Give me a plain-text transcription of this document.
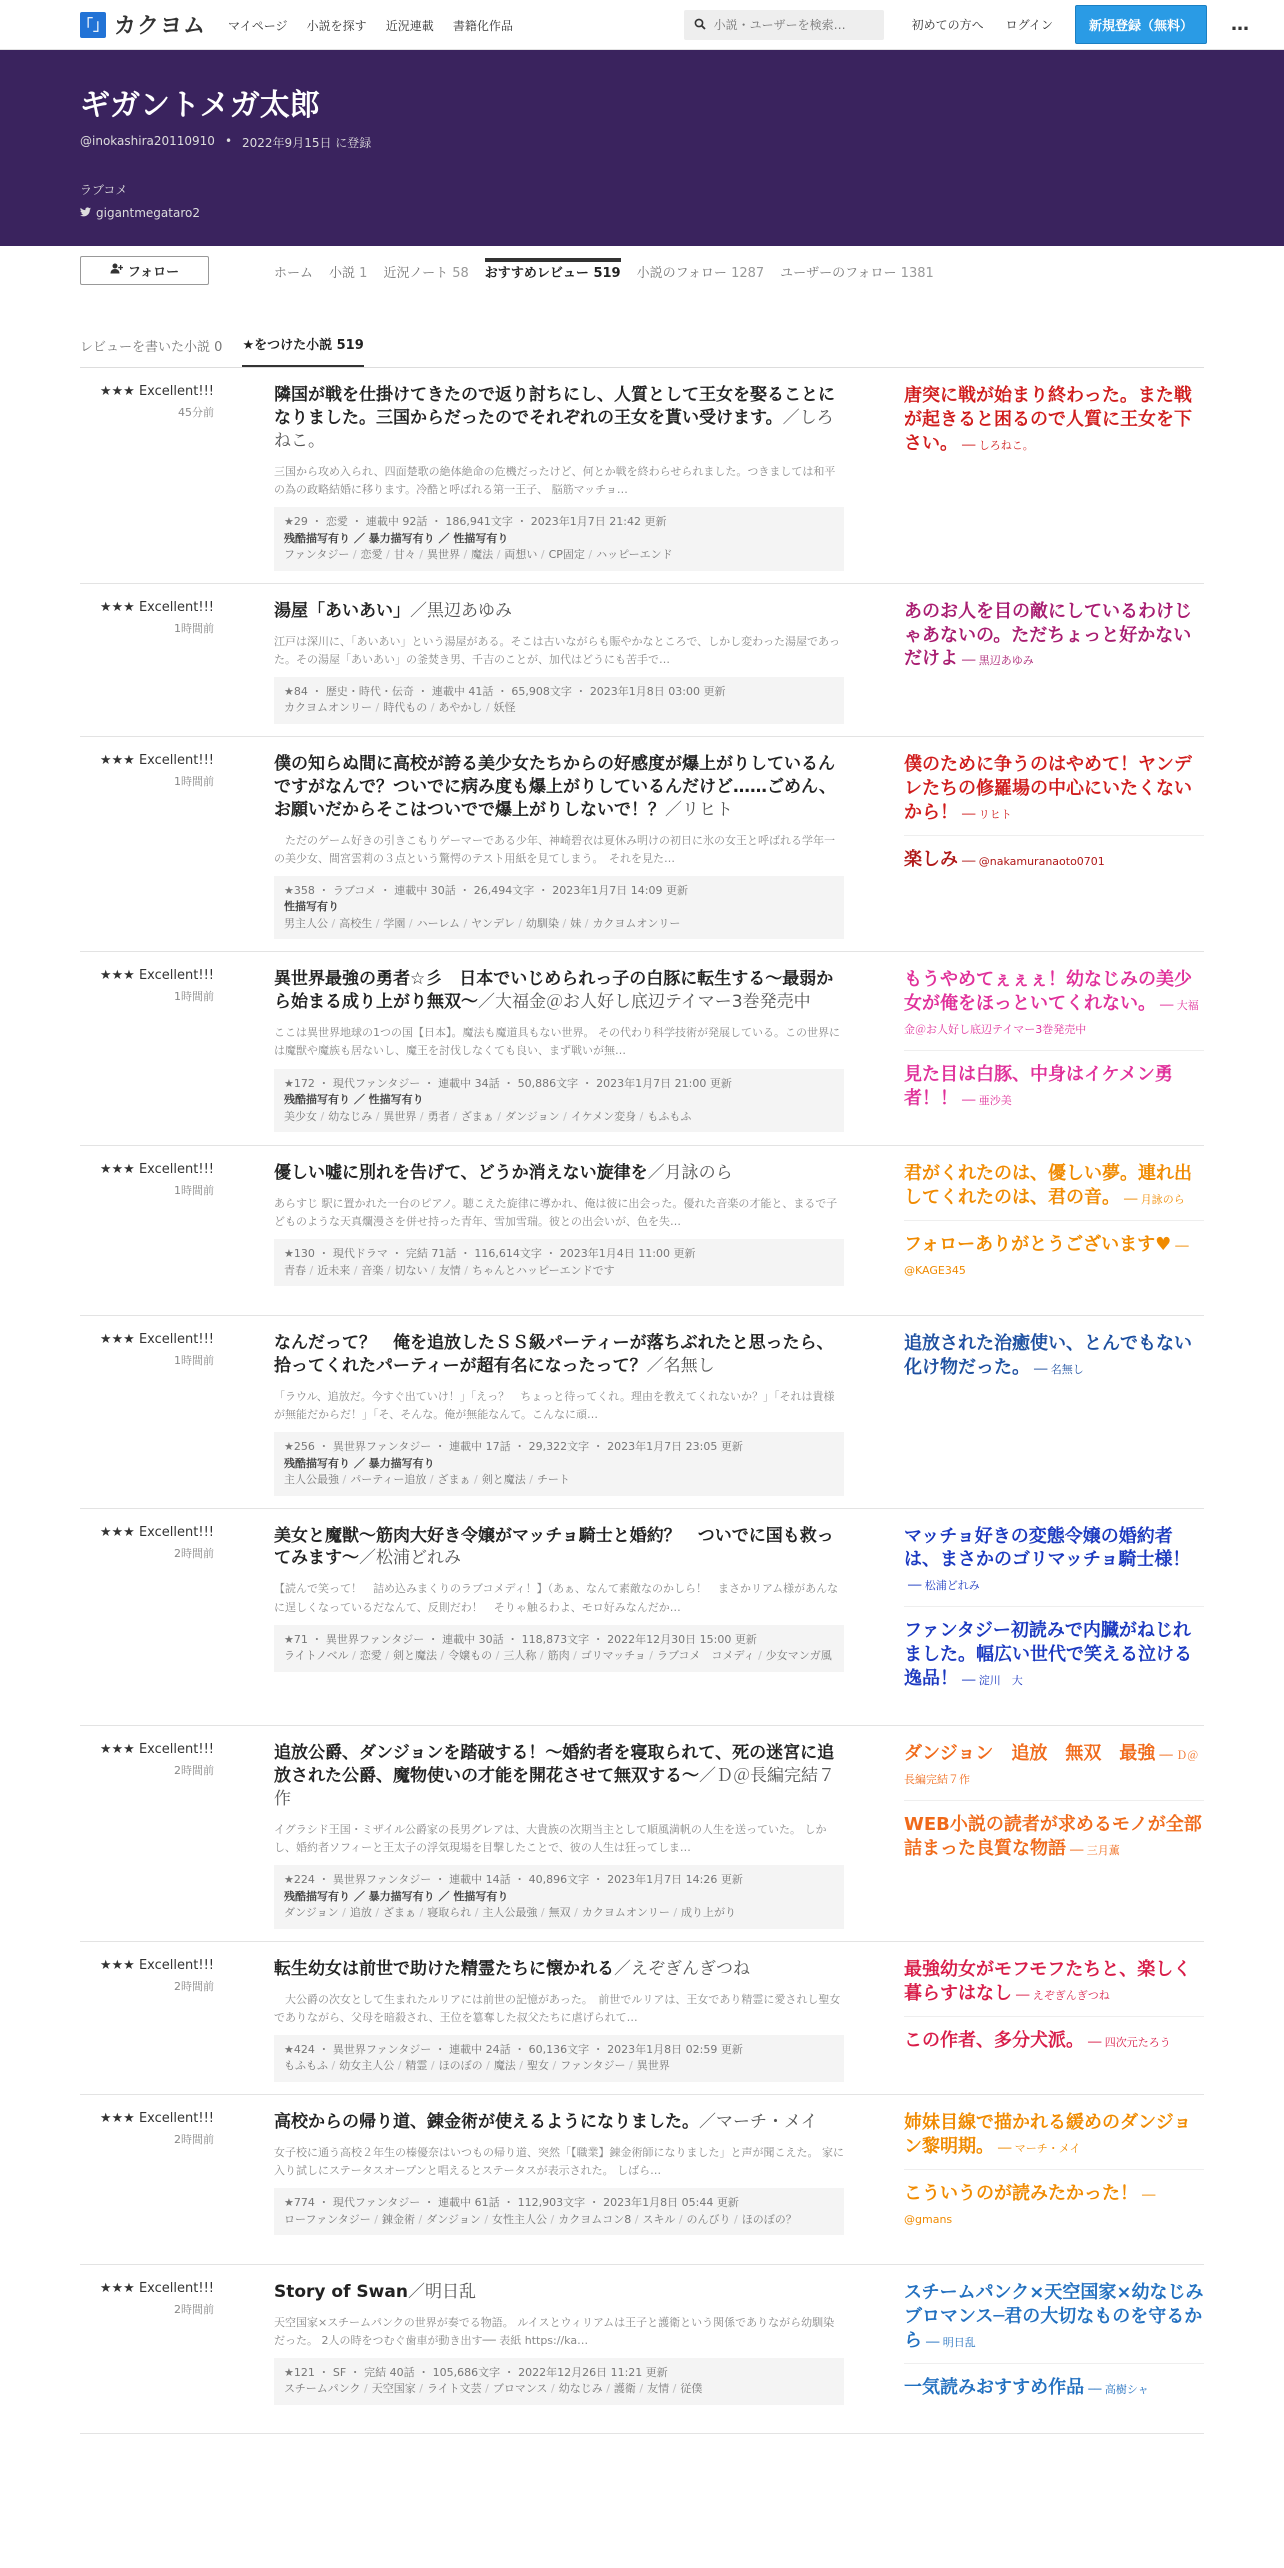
「」 カクヨム マイページ 小説を探す 近況連載 書籍化作品
小説・ユーザーを検索…	初めての方へ ログイン	新規登録（無料）	…
ギガントメガ太郎
@inokashira20110910 • 2022年9月15日 に登録
ラブコメ
gigantmegataro2
フォロー	ホーム 小説 1 近況ノート 58 おすすめレビュー 519 小説のフォロー 1287 ユーザーのフォロー 1381
レビューを書いた小説 0 ★をつけた小説 519
★★★ Excellent!!!
45分前
隣国が戦を仕掛けてきたので返り討ちにし、人質として王女を娶ることになりました。三国からだったのでそれぞれの王女を貰い受けます。／しろねこ。
三国から攻め入られ、四面楚歌の絶体絶命の危機だったけど、何とか戦を終わらせられました。つきましては和平の為の政略結婚に移ります。冷酷と呼ばれる第一王子、 脳筋マッチョ…
★29 ・ 恋愛 ・ 連載中 92話 ・ 186,941文字 ・ 2023年1月7日 21:42 更新
残酷描写有り ／ 暴力描写有り ／ 性描写有り
ファンタジー / 恋愛 / 甘々 / 異世界 / 魔法 / 両想い / CP固定 / ハッピーエンド
唐突に戦が始まり終わった。また戦が起きると困るので人質に王女を下さい。 ── しろねこ。
★★★ Excellent!!!
1時間前
湯屋「あいあい」／黒辺あゆみ
江戸は深川に、「あいあい」という湯屋がある。そこは古いながらも賑やかなところで、しかし変わった湯屋であった。その湯屋「あいあい」の釜焚き男、千吉のことが、加代はどうにも苦手で…
★84 ・ 歴史・時代・伝奇 ・ 連載中 41話 ・ 65,908文字 ・ 2023年1月8日 03:00 更新
カクヨムオンリー / 時代もの / あやかし / 妖怪
あのお人を目の敵にしているわけじゃあないの。ただちょっと好かないだけよ ── 黒辺あゆみ
★★★ Excellent!!!
1時間前
僕の知らぬ間に高校が誇る美少女たちからの好感度が爆上がりしているんですがなんで？ついでに病み度も爆上がりしているんだけど……ごめん、お願いだからそこはついでで爆上がりしないで！？／リヒト
　ただのゲーム好きの引きこもりゲーマーである少年、神崎碧衣は夏休み明けの初日に氷の女王と呼ばれる学年一の美少女、間宮雲莉の３点という驚愕のテスト用紙を見てしまう。　それを見た…
★358 ・ ラブコメ ・ 連載中 30話 ・ 26,494文字 ・ 2023年1月7日 14:09 更新
性描写有り
男主人公 / 高校生 / 学園 / ハーレム / ヤンデレ / 幼馴染 / 妹 / カクヨムオンリー
僕のために争うのはやめて！ヤンデレたちの修羅場の中心にいたくないから！ ── リヒト
楽しみ ── @nakamuranaoto0701
★★★ Excellent!!!
1時間前
異世界最強の勇者☆彡　日本でいじめられっ子の白豚に転生する〜最弱から始まる成り上がり無双〜／大福金＠お人好し底辺テイマー3巻発売中
ここは異世界地球の1つの国【日本】。魔法も魔道具もない世界。 その代わり科学技術が発展している。この世界には魔獣や魔族も居ないし、魔王を討伐しなくても良い、まず戦いが無…
★172 ・ 現代ファンタジー ・ 連載中 34話 ・ 50,886文字 ・ 2023年1月7日 21:00 更新
残酷描写有り ／ 性描写有り
美少女 / 幼なじみ / 異世界 / 勇者 / ざまぁ / ダンジョン / イケメン変身 / もふもふ
もうやめてぇぇぇ！幼なじみの美少女が俺をほっといてくれない。 ── 大福金＠お人好し底辺テイマー3巻発売中
見た目は白豚、中身はイケメン勇者！！ ── 亜沙美
★★★ Excellent!!!
1時間前
優しい嘘に別れを告げて、どうか消えない旋律を／月詠のら
あらすじ 駅に置かれた一台のピアノ。聴こえた旋律に導かれ、俺は彼に出会った。優れた音楽の才能と、まるで子どものような天真爛漫さを併せ持った青年、雪加雪瑞。彼との出会いが、色を失…
★130 ・ 現代ドラマ ・ 完結 71話 ・ 116,614文字 ・ 2023年1月4日 11:00 更新
青春 / 近未来 / 音楽 / 切ない / 友情 / ちゃんとハッピーエンドです
君がくれたのは、優しい夢。連れ出してくれたのは、君の音。 ── 月詠のら
フォローありがとうございます♥ ── @KAGE345
★★★ Excellent!!!
1時間前
なんだって？　俺を追放したＳＳ級パーティーが落ちぶれたと思ったら、拾ってくれたパーティーが超有名になったって？／名無し
「ラウル、追放だ。今すぐ出ていけ！」「えっ？　ちょっと待ってくれ。理由を教えてくれないか？」「それは貴様が無能だからだ！」「そ、そんな。俺が無能なんて。こんなに頑…
★256 ・ 異世界ファンタジー ・ 連載中 17話 ・ 29,322文字 ・ 2023年1月7日 23:05 更新
残酷描写有り ／ 暴力描写有り
主人公最強 / パーティー追放 / ざまぁ / 剣と魔法 / チート
追放された治癒使い、とんでもない化け物だった。 ── 名無し
★★★ Excellent!!!
2時間前
美女と魔獣〜筋肉大好き令嬢がマッチョ騎士と婚約？　ついでに国も救ってみます〜／松浦どれみ
【読んで笑って！　詰め込みまくりのラブコメディ！】（あぁ、なんて素敵なのかしら！　まさかリアム様があんなに逞しくなっているだなんて、反則だわ！　そりゃ触るわよ、モロ好みなんだか…
★71 ・ 異世界ファンタジー ・ 連載中 30話 ・ 118,873文字 ・ 2022年12月30日 15:00 更新
ライトノベル / 恋愛 / 剣と魔法 / 令嬢もの / 三人称 / 筋肉 / ゴリマッチョ / ラブコメ　コメディ / 少女マンガ風
マッチョ好きの変態令嬢の婚約者は、まさかのゴリマッチョ騎士様！── 松浦どれみ
ファンタジー初読みで内臓がねじれました。幅広い世代で笑える泣ける逸品！ ── 淀川　大
★★★ Excellent!!!
2時間前
追放公爵、ダンジョンを踏破する！～婚約者を寝取られて、死の迷宮に追放された公爵、魔物使いの才能を開花させて無双する～／Ｄ＠長編完結７作
イグラシド王国・ミザイル公爵家の長男グレアは、大貴族の次期当主として順風満帆の人生を送っていた。 しかし、婚約者ソフィーと王太子の浮気現場を目撃したことで、彼の人生は狂ってしま…
★224 ・ 異世界ファンタジー ・ 連載中 14話 ・ 40,896文字 ・ 2023年1月7日 14:26 更新
残酷描写有り ／ 暴力描写有り ／ 性描写有り
ダンジョン / 追放 / ざまぁ / 寝取られ / 主人公最強 / 無双 / カクヨムオンリー / 成り上がり
ダンジョン　追放　無双　最強 ── Ｄ＠長編完結７作
WEB小説の読者が求めるモノが全部詰まった良質な物語 ── 三月薫
★★★ Excellent!!!
2時間前
転生幼女は前世で助けた精霊たちに懐かれる／えぞぎんぎつね
　大公爵の次女として生まれたルリアには前世の記憶があった。　前世でルリアは、王女であり精霊に愛されし聖女でありながら、父母を暗殺され、王位を簒奪した叔父たちに虐げられて…
★424 ・ 異世界ファンタジー ・ 連載中 24話 ・ 60,136文字 ・ 2023年1月8日 02:59 更新
もふもふ / 幼女主人公 / 精霊 / ほのぼの / 魔法 / 聖女 / ファンタジー / 異世界
最強幼女がモフモフたちと、楽しく暮らすはなし ── えぞぎんぎつね
この作者、多分犬派。 ── 四次元たろう
★★★ Excellent!!!
2時間前
高校からの帰り道、錬金術が使えるようになりました。／マーチ・メイ
女子校に通う高校２年生の榛優奈はいつもの帰り道、突然「【職業】錬金術師になりました」と声が聞こえた。 家に入り試しにステータスオープンと唱えるとステータスが表示された。 しばら…
★774 ・ 現代ファンタジー ・ 連載中 61話 ・ 112,903文字 ・ 2023年1月8日 05:44 更新
ローファンタジー / 錬金術 / ダンジョン / 女性主人公 / カクヨムコン8 / スキル / のんびり / ほのぼの？
姉妹目線で描かれる緩めのダンジョン黎明期。 ── マーチ・メイ
こういうのが読みたかった！ ── @gmans
★★★ Excellent!!!
2時間前
Story of Swan／明日乱
天空国家×スチームパンクの世界が奏でる物語。 ルイスとウィリアムは王子と護衛という関係でありながら幼馴染だった。 2人の時をつむぐ歯車が動き出す── 表紙 https://ka…
★121 ・ SF ・ 完結 40話 ・ 105,686文字 ・ 2022年12月26日 11:21 更新
スチームパンク / 天空国家 / ライト文芸 / ブロマンス / 幼なじみ / 護衛 / 友情 / 従僕
スチームパンク×天空国家×幼なじみブロマンス─君の大切なものを守るから ── 明日乱
一気読みおすすめ作品 ── 高樹シャ
